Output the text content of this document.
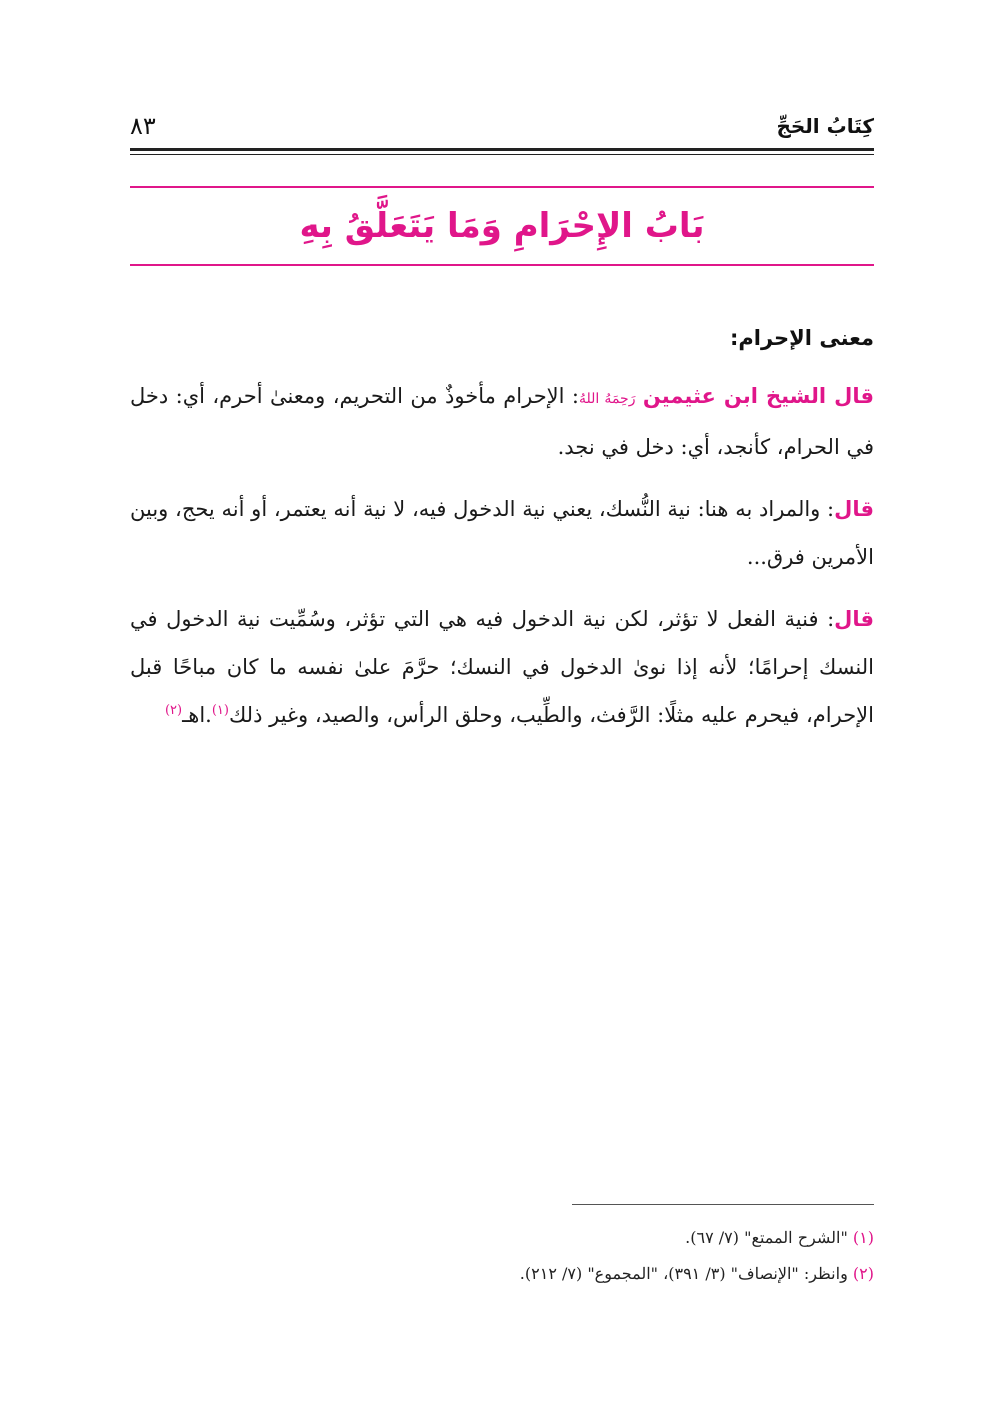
كِتَابُ الحَجِّ
٨٣
بَابُ الإِحْرَامِ وَمَا يَتَعَلَّقُ بِهِ
معنى الإحرام:

قال الشيخ ابن عثيمين رَحِمَهُ اللهُ: الإحرام مأخوذٌ من التحريم، ومعنىٰ أحرم، أي: دخل في الحرام، كأنجد، أي: دخل في نجد.

قال: والمراد به هنا: نية النُّسك، يعني نية الدخول فيه، لا نية أنه يعتمر، أو أنه يحج، وبين الأمرين فرق...

قال: فنية الفعل لا تؤثر، لكن نية الدخول فيه هي التي تؤثر، وسُمِّيت نية الدخول في النسك إحرامًا؛ لأنه إذا نوىٰ الدخول في النسك؛ حرَّمَ علىٰ نفسه ما كان مباحًا قبل الإحرام، فيحرم عليه مثلًا: الرَّفث، والطِّيب، وحلق الرأس، والصيد، وغير ذلك$^{(١)}$.اهـ$^{(٢)}$

(١) "الشرح الممتع" (٧/ ٦٧).

(٢) وانظر: "الإنصاف" (٣/ ٣٩١)، "المجموع" (٧/ ٢١٢).
